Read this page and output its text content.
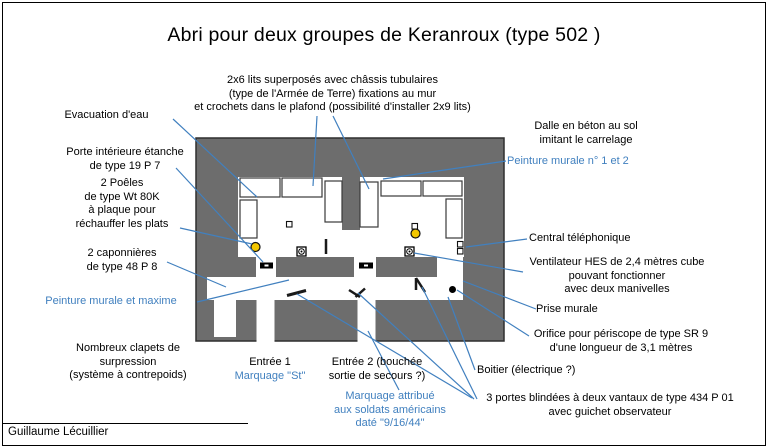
Abri pour deux groupes de Keranroux (type 502 )
2x6 lits superposés avec châssis tubulaires
(type de l'Armée de Terre) fixations au mur
et crochets dans le plafond (possibilité d'installer 2x9 lits)
Evacuation d'eau
Porte intérieure étanche
de type 19 P 7
2 Poêles
de type Wt 80K
à plaque pour
réchauffer les plats
2 caponnières
de type 48 P 8
Peinture murale et maxime
Nombreux clapets de
surpression
(système à contrepoids)
Dalle en béton au sol
imitant le carrelage
Peinture murale n° 1 et 2
Central téléphonique
Ventilateur HES de 2,4 mètres cube
pouvant fonctionner
avec deux manivelles
Prise murale
Orifice pour périscope de type SR 9
d'une longueur de 3,1 mètres
Entrée 1
Marquage "St"
Entrée 2 (bouchée
sortie de secours ?)
Marquage attribué
aux soldats américains
daté "9/16/44"
Boitier (électrique ?)
3 portes blindées à deux vantaux de type 434 P 01
avec guichet observateur
Guillaume Lécuillier
